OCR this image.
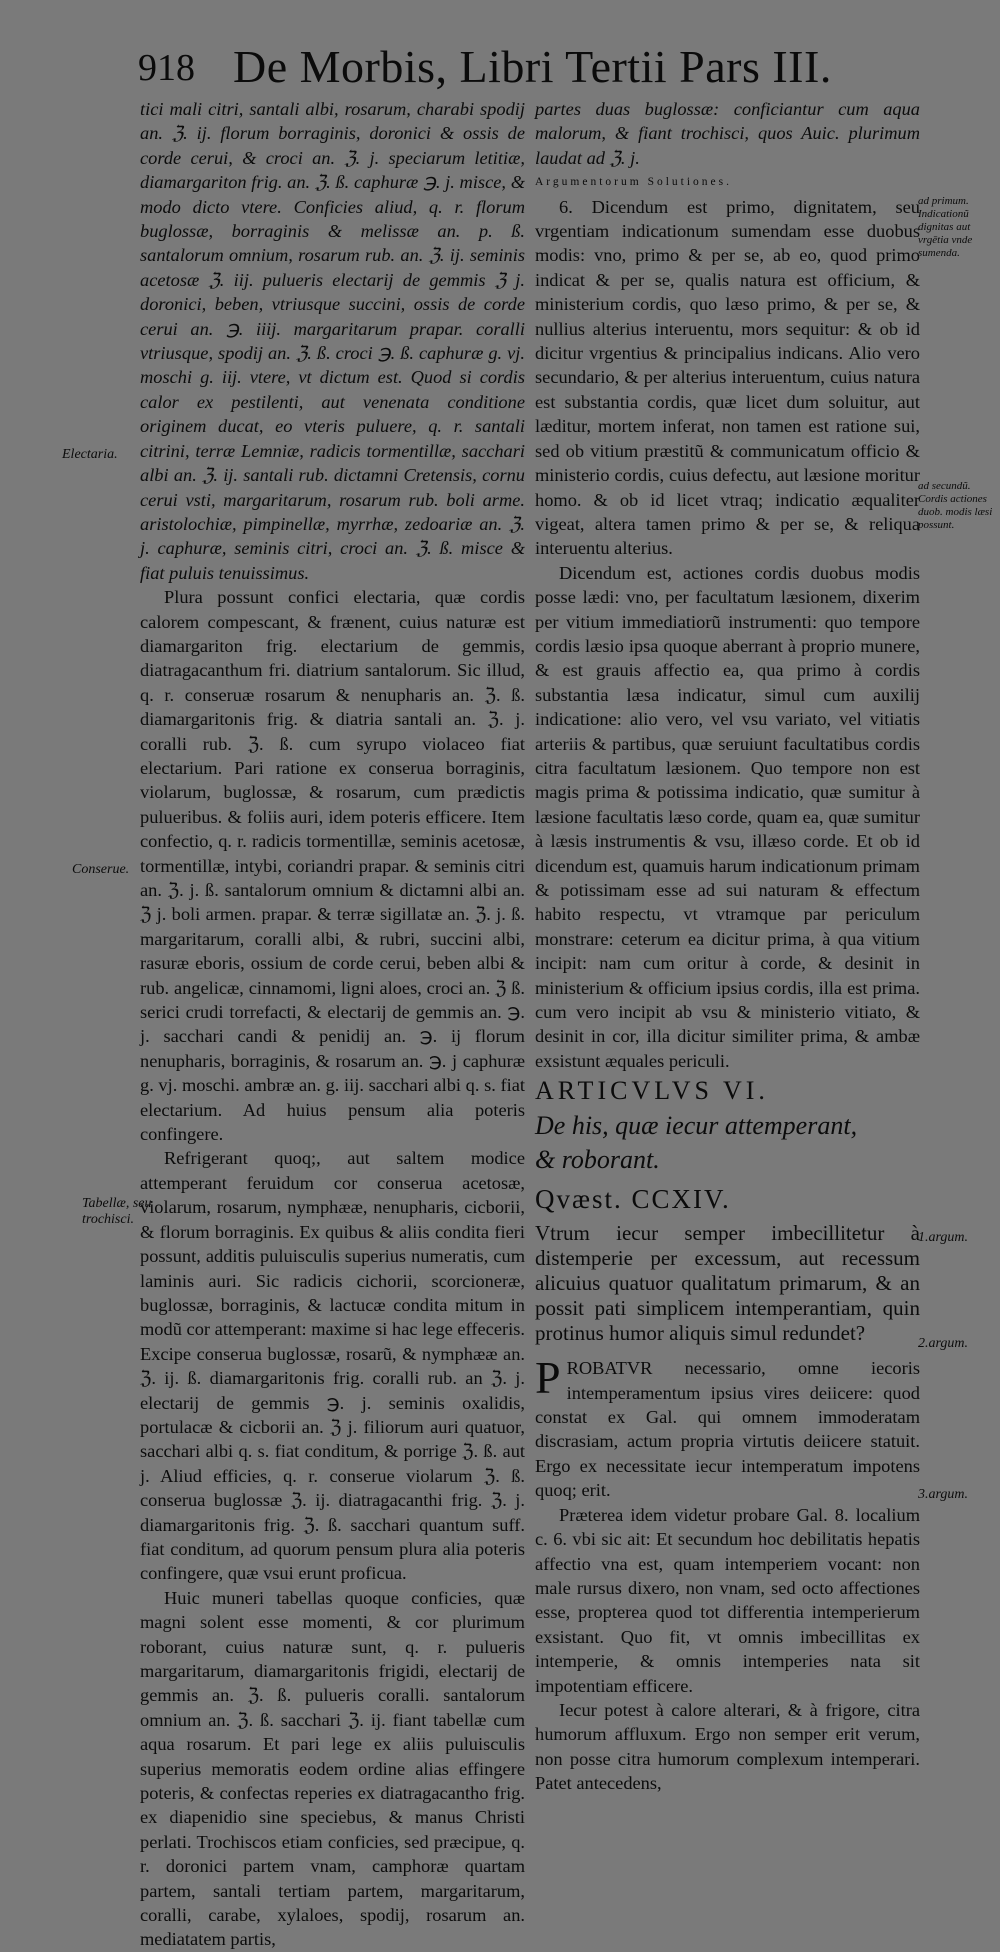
918 De Morbis, Libri Tertii Pars III.
Electaria.
Conserue.
Tabellæ, seu trochisci.
ad primum. Indicationũ dignitas aut vrgētia vnde sumenda.
ad secundũ. Cordis actiones duob. modis læsi possunt.
1.argum.
2.argum.
3.argum.

tici mali citri, santali albi, rosarum, charabi spodij an. ℨ. ij. florum borraginis, doronici & ossis de corde cerui, & croci an. ℨ. j. speciarum letitiæ, diamargariton frig. an. ℨ. ß. caphuræ ℈. j. misce, & modo dicto vtere. Conficies aliud, q. r. florum buglossæ, borraginis & melissæ an. p. ß. santalorum omnium, rosarum rub. an. ℨ. ij. seminis acetosæ ℨ. iij. pulueris electarij de gemmis ℨ j. doronici, beben, vtriusque succini, ossis de corde cerui an. ℈. iiij. margaritarum prapar. coralli vtriusque, spodij an. ℨ. ß. croci ℈. ß. caphuræ g. vj. moschi g. iij. vtere, vt dictum est. Quod si cordis calor ex pestilenti, aut venenata conditione originem ducat, eo vteris puluere, q. r. santali citrini, terræ Lemniæ, radicis tormentillæ, sacchari albi an. ℨ. ij. santali rub. dictamni Cretensis, cornu cerui vsti, margaritarum, rosarum rub. boli arme. aristolochiæ, pimpinellæ, myrrhæ, zedoariæ an. ℨ. j. caphuræ, seminis citri, croci an. ℨ. ß. misce & fiat puluis tenuissimus.

Plura possunt confici electaria, quæ cordis calorem compescant, & frænent, cuius naturæ est diamargariton frig. electarium de gemmis, diatragacanthum fri. diatrium santalorum. Sic illud, q. r. conseruæ rosarum & nenupharis an. ℨ. ß. diamargaritonis frig. & diatria santali an. ℨ. j. coralli rub. ℨ. ß. cum syrupo violaceo fiat electarium. Pari ratione ex conserua borraginis, violarum, buglossæ, & rosarum, cum prædictis pulueribus. & foliis auri, idem poteris efficere. Item confectio, q. r. radicis tormentillæ, seminis acetosæ, tormentillæ, intybi, coriandri prapar. & seminis citri an. ℨ. j. ß. santalorum omnium & dictamni albi an. ℨ j. boli armen. prapar. & terræ sigillatæ an. ℨ. j. ß. margaritarum, coralli albi, & rubri, succini albi, rasuræ eboris, ossium de corde cerui, beben albi & rub. angelicæ, cinnamomi, ligni aloes, croci an. ℨ ß. serici crudi torrefacti, & electarij de gemmis an. ℈. j. sacchari candi & penidij an. ℈. ij florum nenupharis, borraginis, & rosarum an. ℈. j caphuræ g. vj. moschi. ambræ an. g. iij. sacchari albi q. s. fiat electarium. Ad huius pensum alia poteris confingere.

Refrigerant quoq;, aut saltem modice attemperant feruidum cor conserua acetosæ, violarum, rosarum, nymphææ, nenupharis, cicborii, & florum borraginis. Ex quibus & aliis condita fieri possunt, additis puluisculis superius numeratis, cum laminis auri. Sic radicis cichorii, scorcioneræ, buglossæ, borraginis, & lactucæ condita mitum in modũ cor attemperant: maxime si hac lege effeceris. Excipe conserua buglossæ, rosarũ, & nymphææ an. ℨ. ij. ß. diamargaritonis frig. coralli rub. an ℨ. j. electarij de gemmis ℈. j. seminis oxalidis, portulacæ & cicborii an. ℨ j. filiorum auri quatuor, sacchari albi q. s. fiat conditum, & porrige ℨ. ß. aut j. Aliud efficies, q. r. conserue violarum ℨ. ß. conserua buglossæ ℨ. ij. diatragacanthi frig. ℨ. j. diamargaritonis frig. ℨ. ß. sacchari quantum suff. fiat conditum, ad quorum pensum plura alia poteris confingere, quæ vsui erunt proficua.

Huic muneri tabellas quoque conficies, quæ magni solent esse momenti, & cor plurimum roborant, cuius naturæ sunt, q. r. pulueris margaritarum, diamargaritonis frigidi, electarij de gemmis an. ℨ. ß. pulueris coralli. santalorum omnium an. ℨ. ß. sacchari ℨ. ij. fiant tabellæ cum aqua rosarum. Et pari lege ex aliis puluisculis superius memoratis eodem ordine alias effingere poteris, & confectas reperies ex diatragacantho frig. ex diapenidio sine speciebus, & manus Christi perlati. Trochiscos etiam conficies, sed præcipue, q. r. doronici partem vnam, camphoræ quartam partem, santali tertiam partem, margaritarum, coralli, carabe, xylaloes, spodij, rosarum an. mediatatem partis,

partes duas buglossæ: conficiantur cum aqua malorum, & fiant trochisci, quos Auic. plurimum laudat ad ℨ. j.

Argumentorum Solutiones.

6. Dicendum est primo, dignitatem, seu vrgentiam indicationum sumendam esse duobus modis: vno, primo & per se, ab eo, quod primo indicat & per se, qualis natura est officium, & ministerium cordis, quo læso primo, & per se, & nullius alterius interuentu, mors sequitur: & ob id dicitur vrgentius & principalius indicans. Alio vero secundario, & per alterius interuentum, cuius natura est substantia cordis, quæ licet dum soluitur, aut læditur, mortem inferat, non tamen est ratione sui, sed ob vitium præstitũ & communicatum officio & ministerio cordis, cuius defectu, aut læsione moritur homo. & ob id licet vtraq; indicatio æqualiter vigeat, altera tamen primo & per se, & reliqua interuentu alterius.

Dicendum est, actiones cordis duobus modis posse lædi: vno, per facultatum læsionem, dixerim per vitium immediatiorũ instrumenti: quo tempore cordis læsio ipsa quoque aberrant à proprio munere, & est grauis affectio ea, qua primo à cordis substantia læsa indicatur, simul cum auxilij indicatione: alio vero, vel vsu variato, vel vitiatis arteriis & partibus, quæ seruiunt facultatibus cordis citra facultatum læsionem. Quo tempore non est magis prima & potissima indicatio, quæ sumitur à læsione facultatis læso corde, quam ea, quæ sumitur à læsis instrumentis & vsu, illæso corde. Et ob id dicendum est, quamuis harum indicationum primam & potissimam esse ad sui naturam & effectum habito respectu, vt vtramque par periculum monstrare: ceterum ea dicitur prima, à qua vitium incipit: nam cum oritur à corde, & desinit in ministerium & officium ipsius cordis, illa est prima. cum vero incipit ab vsu & ministerio vitiato, & desinit in cor, illa dicitur similiter prima, & ambæ exsistunt æquales periculi.

ARTICVLVS VI.

De his, quæ iecur attemperant,

& roborant.

Qvæst. CCXIV.

Vtrum iecur semper imbecillitetur à distemperie per excessum, aut recessum alicuius quatuor qualitatum primarum, & an possit pati simplicem intemperantiam, quin protinus humor aliquis simul redundet?

PROBATVR necessario, omne iecoris intemperamentum ipsius vires deiicere: quod constat ex Gal. qui omnem immoderatam discrasiam, actum propria virtutis deiicere statuit. Ergo ex necessitate iecur intemperatum impotens quoq; erit.

Præterea idem videtur probare Gal. 8. localium c. 6. vbi sic ait: Et secundum hoc debilitatis hepatis affectio vna est, quam intemperiem vocant: non male rursus dixero, non vnam, sed octo affectiones esse, propterea quod tot differentia intemperierum exsistant. Quo fit, vt omnis imbecillitas ex intemperie, & omnis intemperies nata sit impotentiam efficere.

Iecur potest à calore alterari, & à frigore, citra humorum affluxum. Ergo non semper erit verum, non posse citra humorum complexum intemperari. Patet antecedens,
